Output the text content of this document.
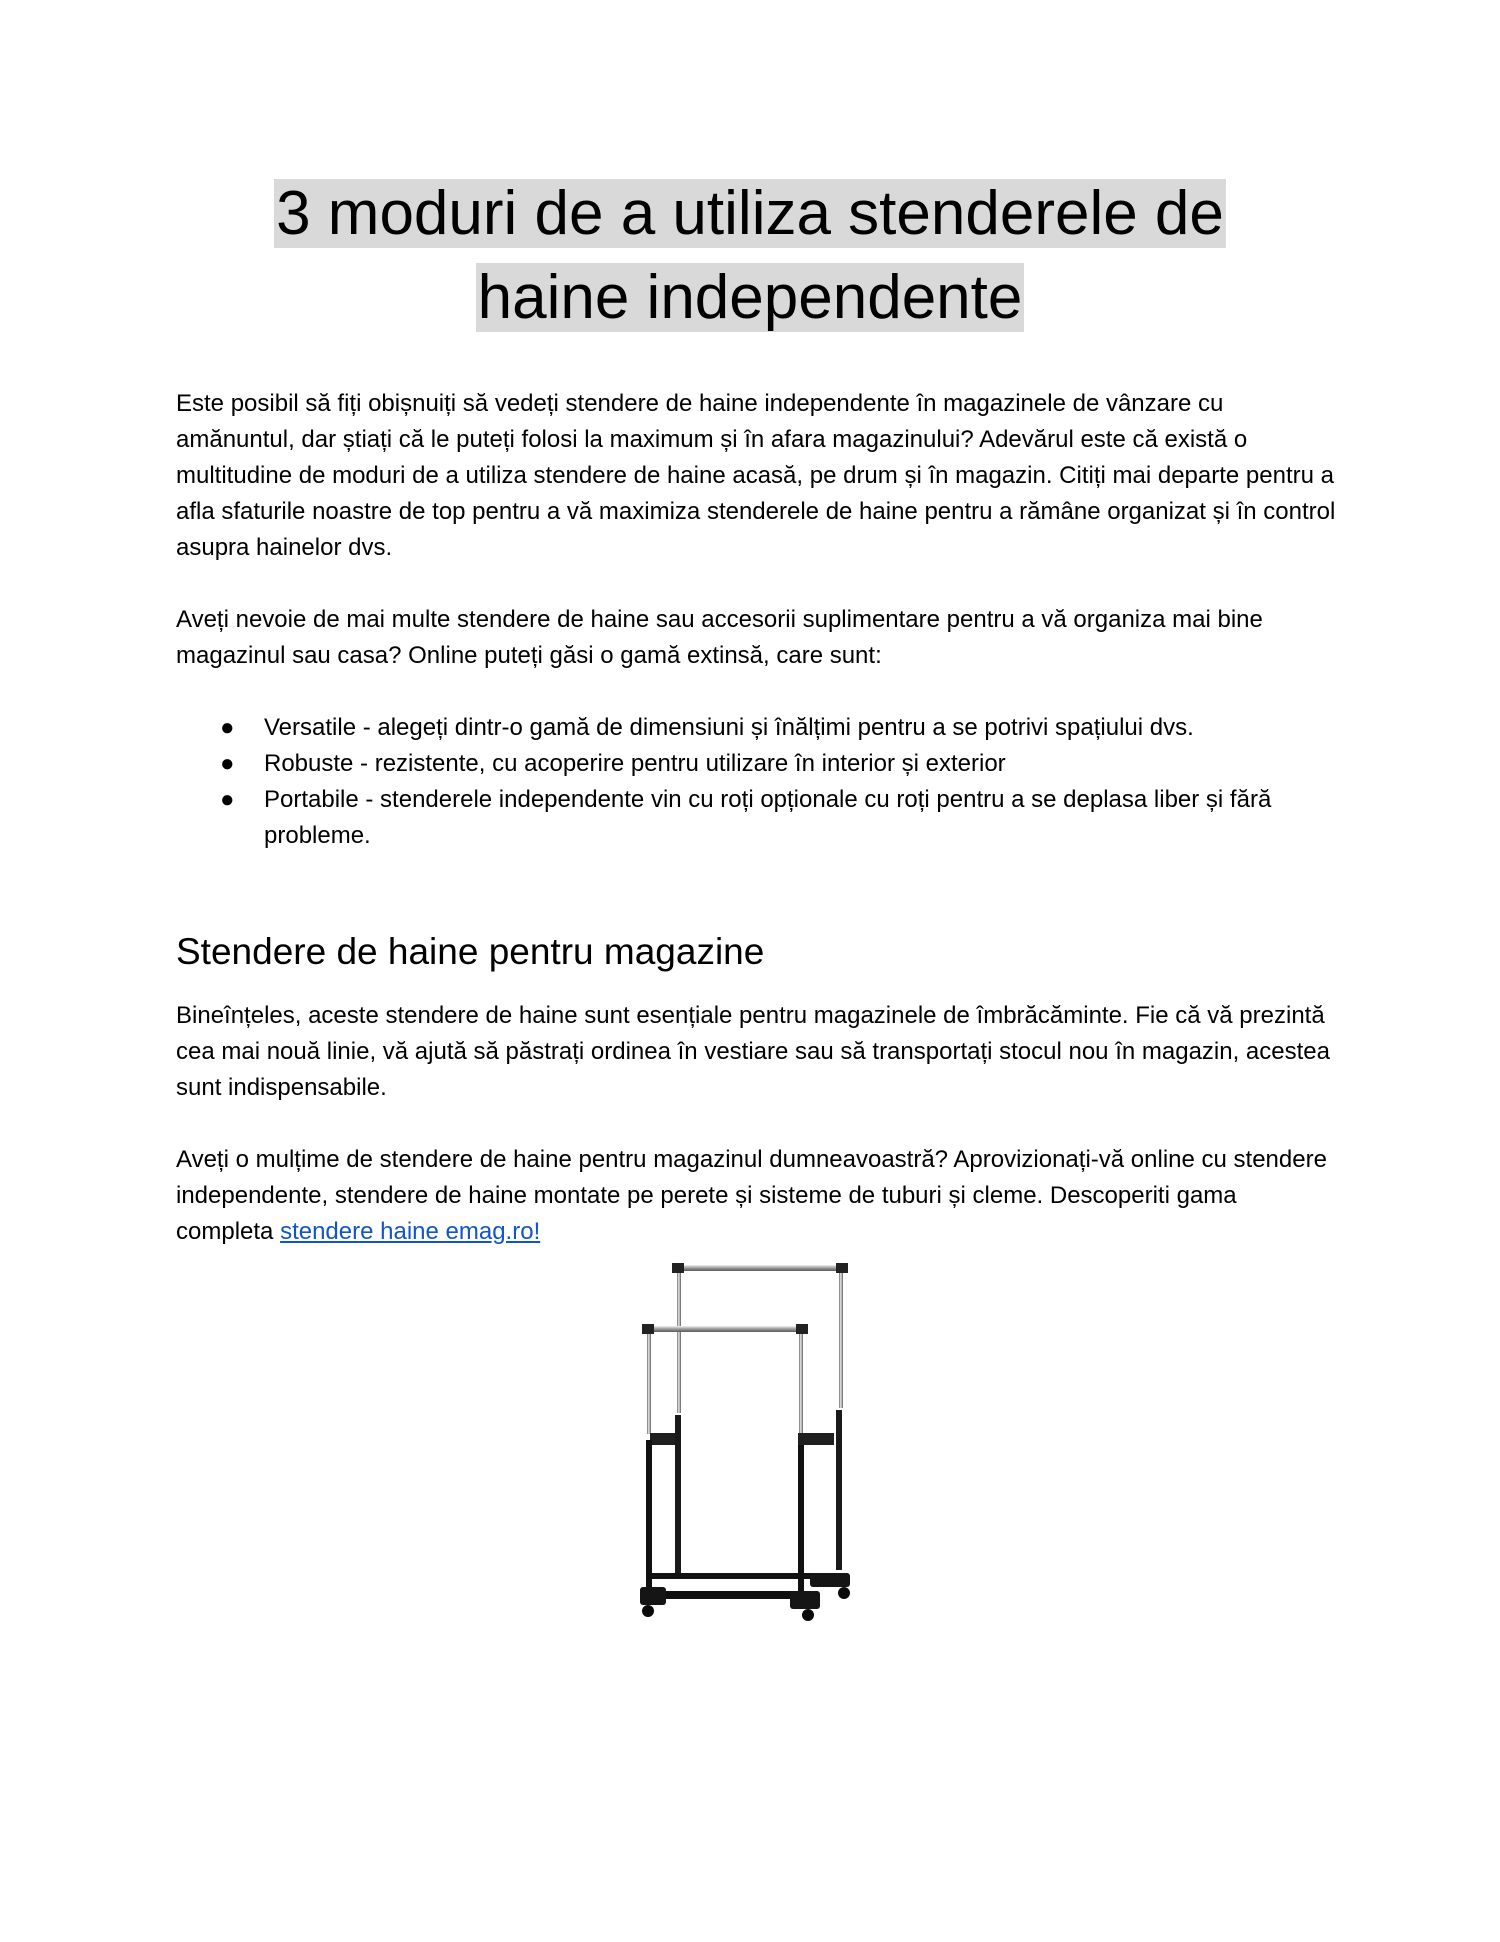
3 moduri de a utiliza stenderele de
haine independente

Este posibil să fiți obișnuiți să vedeți stendere de haine independente în magazinele de vânzare cu amănuntul, dar știați că le puteți folosi la maximum și în afara magazinului? Adevărul este că există o multitudine de moduri de a utiliza stendere de haine acasă, pe drum și în magazin. Citiți mai departe pentru a afla sfaturile noastre de top pentru a vă maximiza stenderele de haine pentru a rămâne organizat și în control asupra hainelor dvs.

Aveți nevoie de mai multe stendere de haine sau accesorii suplimentare pentru a vă organiza mai bine magazinul sau casa? Online puteți găsi o gamă extinsă, care sunt:

● Versatile - alegeți dintr-o gamă de dimensiuni și înălțimi pentru a se potrivi spațiului dvs.
● Robuste - rezistente, cu acoperire pentru utilizare în interior și exterior
● Portabile - stenderele independente vin cu roți opționale cu roți pentru a se deplasa liber și fără probleme.
Stendere de haine pentru magazine

Bineînțeles, aceste stendere de haine sunt esențiale pentru magazinele de îmbrăcăminte. Fie că vă prezintă cea mai nouă linie, vă ajută să păstrați ordinea în vestiare sau să transportați stocul nou în magazin, acestea sunt indispensabile.

Aveți o mulțime de stendere de haine pentru magazinul dumneavoastră? Aprovizionați-vă online cu stendere independente, stendere de haine montate pe perete și sisteme de tuburi și cleme. Descoperiti gama completa stendere haine emag.ro!
